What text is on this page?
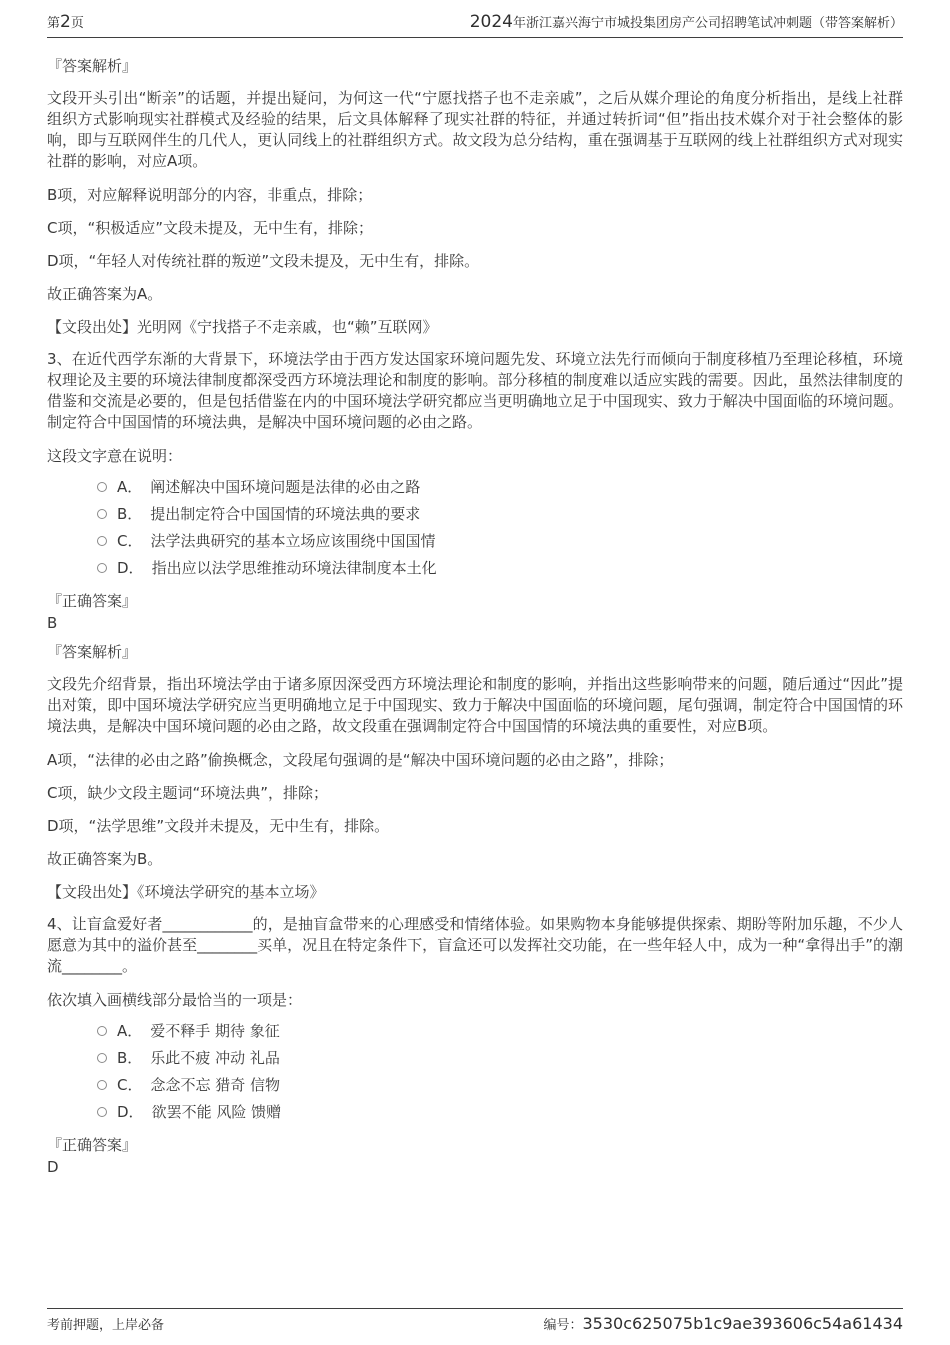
第2页	2024年浙江嘉兴海宁市城投集团房产公司招聘笔试冲刺题（带答案解析）
『答案解析』

文段开头引出“断亲”的话题，并提出疑问，为何这一代“宁愿找搭子也不走亲戚”，之后从媒介理论的角度分析指出，是线上社群组织方式影响现实社群模式及经验的结果，后文具体解释了现实社群的特征，并通过转折词“但”指出技术媒介对于社会整体的影响，即与互联网伴生的几代人，更认同线上的社群组织方式。故文段为总分结构，重在强调基于互联网的线上社群组织方式对现实社群的影响，对应A项。

B项，对应解释说明部分的内容，非重点，排除；

C项，“积极适应”文段未提及，无中生有，排除；

D项，“年轻人对传统社群的叛逆”文段未提及，无中生有，排除。

故正确答案为A。

【文段出处】光明网《宁找搭子不走亲戚，也“赖”互联网》

3、在近代西学东渐的大背景下，环境法学由于西方发达国家环境问题先发、环境立法先行而倾向于制度移植乃至理论移植，环境权理论及主要的环境法律制度都深受西方环境法理论和制度的影响。部分移植的制度难以适应实践的需要。因此，虽然法律制度的借鉴和交流是必要的，但是包括借鉴在内的中国环境法学研究都应当更明确地立足于中国现实、致力于解决中国面临的环境问题。制定符合中国国情的环境法典，是解决中国环境问题的必由之路。

这段文字意在说明：

A． 阐述解决中国环境问题是法律的必由之路
B． 提出制定符合中国国情的环境法典的要求
C． 法学法典研究的基本立场应该围绕中国国情
D． 指出应以法学思维推动环境法律制度本土化
『正确答案』
B
『答案解析』

文段先介绍背景，指出环境法学由于诸多原因深受西方环境法理论和制度的影响，并指出这些影响带来的问题，随后通过“因此”提出对策，即中国环境法学研究应当更明确地立足于中国现实、致力于解决中国面临的环境问题，尾句强调，制定符合中国国情的环境法典，是解决中国环境问题的必由之路，故文段重在强调制定符合中国国情的环境法典的重要性，对应B项。

A项，“法律的必由之路”偷换概念，文段尾句强调的是“解决中国环境问题的必由之路”，排除；

C项，缺少文段主题词“环境法典”，排除；

D项，“法学思维”文段并未提及，无中生有，排除。

故正确答案为B。

【文段出处】《环境法学研究的基本立场》

4、让盲盒爱好者____________的，是抽盲盒带来的心理感受和情绪体验。如果购物本身能够提供探索、期盼等附加乐趣，不少人愿意为其中的溢价甚至________买单，况且在特定条件下，盲盒还可以发挥社交功能，在一些年轻人中，成为一种“拿得出手”的潮流________。

依次填入画横线部分最恰当的一项是：

A． 爱不释手 期待 象征
B． 乐此不疲 冲动 礼品
C． 念念不忘 猎奇 信物
D． 欲罢不能 风险 馈赠
『正确答案』
D
考前押题，上岸必备	编号：3530c625075b1c9ae393606c54a61434
